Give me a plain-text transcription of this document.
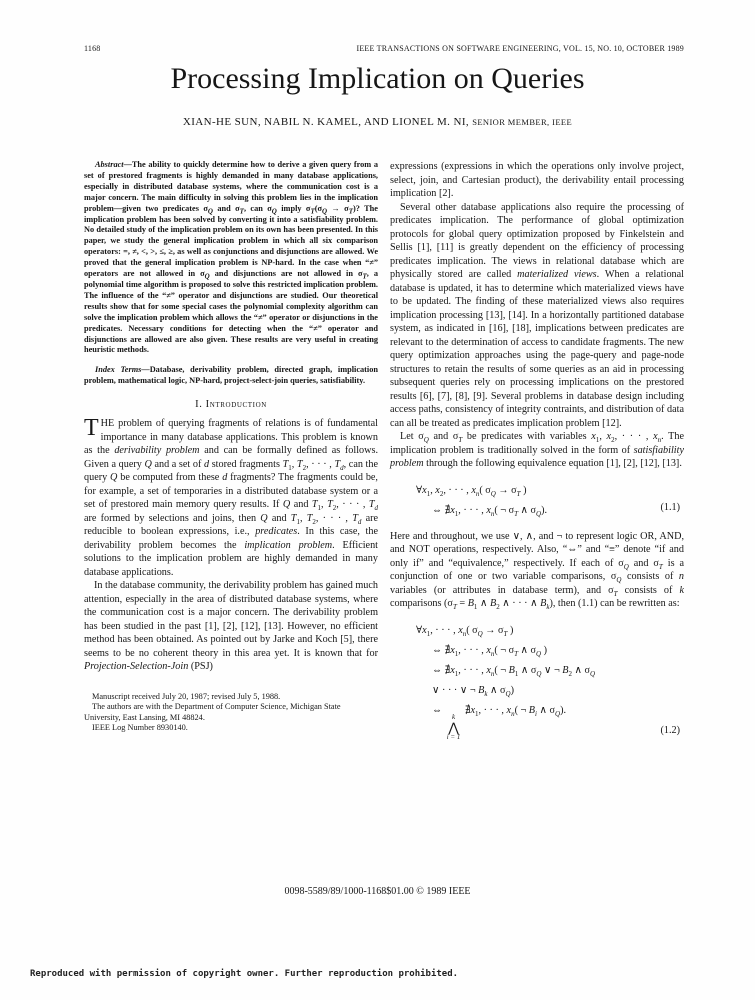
1168	IEEE TRANSACTIONS ON SOFTWARE ENGINEERING, VOL. 15, NO. 10, OCTOBER 1989
Processing Implication on Queries
XIAN-HE SUN, NABIL N. KAMEL, AND LIONEL M. NI, SENIOR MEMBER, IEEE

Abstract—The ability to quickly determine how to derive a given query from a set of prestored fragments is highly demanded in many database applications, especially in distributed database systems, where the communication cost is a major concern. The main difficulty in solving this problem lies in the implication problem—given two predicates $\sigma_Q$ and $\sigma_T$, can $\sigma_Q$ imply $\sigma_T(\sigma_Q \to \sigma_T)$? The implication problem has been solved by converting it into a satisfiability problem. No detailed study of the implication problem on its own has been presented. In this paper, we study the general implication problem in which all six comparison operators: =, ≠, <, >, ≤, ≥, as well as conjunctions and disjunctions are allowed. We proved that the general implication problem is NP-hard. In the case when “≠” operators are not allowed in $\sigma_Q$ and disjunctions are not allowed in $\sigma_T$, a polynomial time algorithm is proposed to solve this restricted implication problem. The influence of the “≠” operator and disjunctions are studied. Our theoretical results show that for some special cases the polynomial complexity algorithm can solve the implication problem which allows the “≠” operator or disjunctions in the predicates. Necessary conditions for detecting when the “≠” operator and disjunctions are allowed are also given. These results are very useful in creating heuristic methods.

Index Terms—Database, derivability problem, directed graph, implication problem, mathematical logic, NP-hard, project-select-join queries, satisfiability.

I. Introduction

THE problem of querying fragments of relations is of fundamental importance in many database applications. This problem is known as the derivability problem and can be formally defined as follows. Given a query Q and a set of d stored fragments $T_1$, $T_2$, · · · , $T_d$, can the query Q be computed from these d fragments? The fragments could be, for example, a set of temporaries in a distributed database system or a set of prestored main memory query results. If Q and $T_1$, $T_2$, · · · , $T_d$ are formed by selections and joins, then Q and $T_1$, $T_2$, · · · , $T_d$ are reducible to boolean expressions, i.e., predicates. In this case, the derivability problem becomes the implication problem. Efficient solutions to the implication problem are highly demanded in many database applications.

In the database community, the derivability problem has gained much attention, especially in the area of distributed database systems, where the communication cost is a major concern. The derivability problem has been studied in the past [1], [2], [12], [13]. However, no efficient method has been obtained. As pointed out by Jarke and Koch [5], there seems to be no coherent theory in this area yet. It is known that for Projection-Selection-Join (PSJ)

Manuscript received July 20, 1987; revised July 5, 1988.

The authors are with the Department of Computer Science, Michigan State University, East Lansing, MI 48824.

IEEE Log Number 8930140.

expressions (expressions in which the operations only involve project, select, join, and Cartesian product), the derivability entail processing implication [2].

Several other database applications also require the processing of predicates implication. The performance of global optimization protocols for global query optimization proposed by Finkelstein and Sellis [1], [11] is greatly dependent on the efficiency of processing predicates implication. The views in relational database which are physically stored are called materialized views. When a relational database is updated, it has to determine which materialized views have to be updated. The finding of these materialized views also requires implication processing [13], [14]. In a horizontally partitioned database system, as indicated in [16], [18], implications between predicates are relevant to the determination of access to candidate fragments. The new query optimization approaches using the page-query and page-node structures to retain the results of some queries as an aid in processing subsequent queries rely on processing implications on the prestored results [6], [7], [8], [9]. Several problems in database design including access paths, consistency of integrity contraints, and distribution of data can all be treated as predicates implication problem [12].

Let $\sigma_Q$ and $\sigma_T$ be predicates with variables $x_1$, $x_2$, · · · , $x_n$. The implication problem is traditionally solved in the form of satisfiability problem through the following equivalence equation [1], [2], [12], [13].

$\forall x_1$, $x_2$, · · · , $x_n$( $\sigma_Q \to \sigma_T$ )
⇔ $∄x_1$, · · · , $x_n$( ¬ $\sigma_T$ ∧ $\sigma_Q$).	(1.1)

Here and throughout, we use ∨, ∧, and ¬ to represent logic OR, AND, and NOT operations, respectively. Also, “⇔” and “≡” denote “if and only if” and “equivalence,” respectively. If each of $\sigma_Q$ and $\sigma_T$ is a conjunction of one or two variable comparisons, $\sigma_Q$ consists of n variables (or attributes in database term), and $\sigma_T$ consists of k comparisons ($\sigma_T = B_1$ ∧ $B_2$ ∧ · · · ∧ $B_k$), then (1.1) can be rewritten as:

$\forall x_1$, · · · , $x_n$( $\sigma_Q \to \sigma_T$ )
⇔ $∄x_1$, · · · , $x_n$( ¬ $\sigma_T$ ∧ $\sigma_Q$ )
⇔ $∄x_1$, · · · , $x_n$( ¬ $B_1$ ∧ $\sigma_Q$ ∨ ¬ $B_2$ ∧ $\sigma_Q$
∨ · · · ∨ ¬ $B_k$ ∧ $\sigma_Q$)
⇔
k
⋀
i = 1
$∄x_1$, · · · , $x_n$( ¬ $B_i$ ∧ $\sigma_Q$).
(1.2)
0098-5589/89/1000-1168$01.00 © 1989 IEEE
Reproduced with permission of copyright owner. Further reproduction prohibited.
